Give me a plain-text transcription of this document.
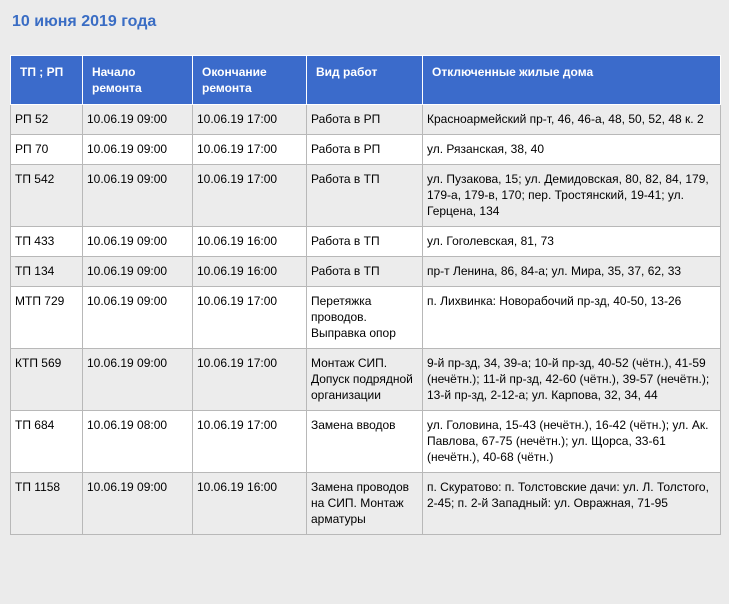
10 июня 2019 года
ТП ; РП	Начало ремонта	Окончание ремонта	Вид работ	Отключенные жилые дома
РП 52	10.06.19 09:00	10.06.19 17:00	Работа в РП	Красноармейский пр-т, 46, 46-а, 48, 50, 52, 48 к. 2
РП 70	10.06.19 09:00	10.06.19 17:00	Работа в РП	ул. Рязанская, 38, 40
ТП 542	10.06.19 09:00	10.06.19 17:00	Работа в ТП	ул. Пузакова, 15; ул. Демидовская, 80, 82, 84, 179, 179-а, 179-в, 170; пер. Тростянский, 19-41; ул. Герцена, 134
ТП 433	10.06.19 09:00	10.06.19 16:00	Работа в ТП	ул. Гоголевская, 81, 73
ТП 134	10.06.19 09:00	10.06.19 16:00	Работа в ТП	пр-т Ленина, 86, 84-а; ул. Мира, 35, 37, 62, 33
МТП 729	10.06.19 09:00	10.06.19 17:00	Перетяжка проводов. Выправка опор	п. Лихвинка: Новорабочий пр-зд, 40-50, 13-26
КТП 569	10.06.19 09:00	10.06.19 17:00	Монтаж СИП. Допуск подрядной организации	9-й пр-зд, 34, 39-а; 10-й пр-зд, 40-52 (чётн.), 41-59 (нечётн.); 11-й пр-зд, 42-60 (чётн.), 39-57 (нечётн.); 13-й пр-зд, 2-12-а; ул. Карпова, 32, 34, 44
ТП 684	10.06.19 08:00	10.06.19 17:00	Замена вводов	ул. Головина, 15-43 (нечётн.), 16-42 (чётн.); ул. Ак. Павлова, 67-75 (нечётн.); ул. Щорса, 33-61 (нечётн.), 40-68 (чётн.)
ТП 1158	10.06.19 09:00	10.06.19 16:00	Замена проводов на СИП. Монтаж арматуры	п. Скуратово: п. Толстовские дачи: ул. Л. Толстого, 2-45; п. 2-й Западный: ул. Овражная, 71-95
